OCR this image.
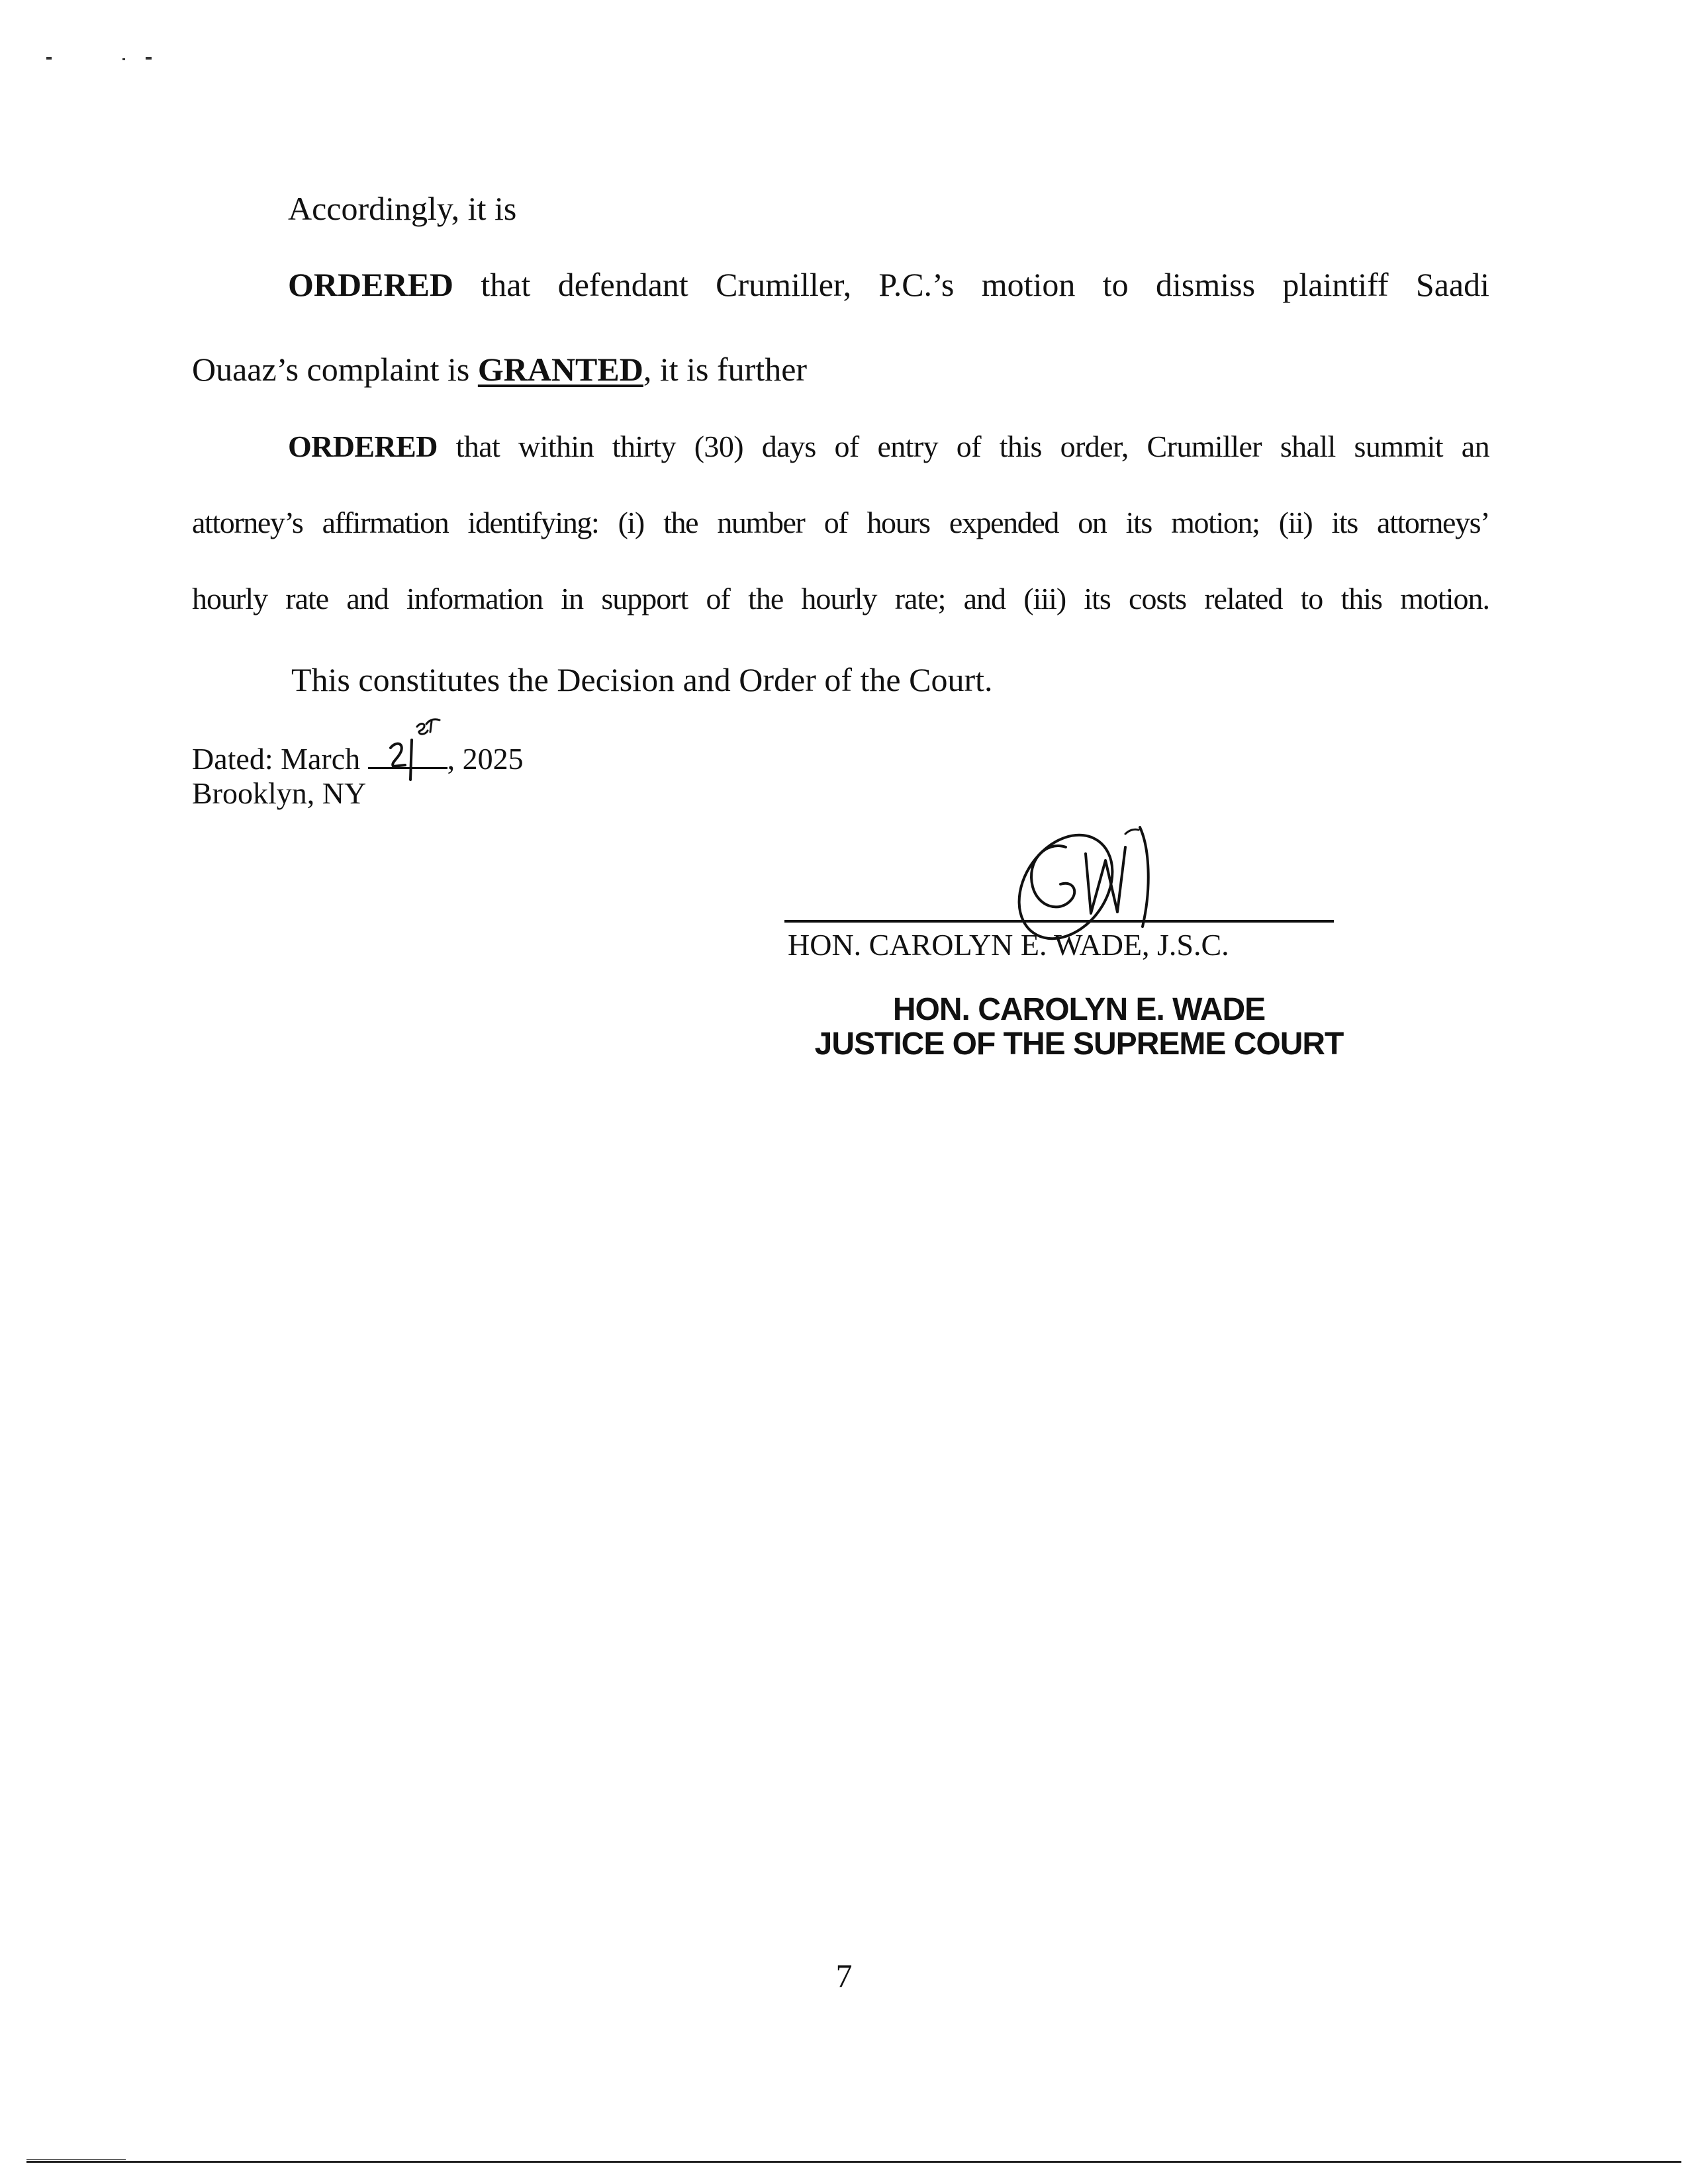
Accordingly, it is
ORDERED that defendant Crumiller, P.C.’s motion to dismiss plaintiff Saadi
Ouaaz’s complaint is GRANTED, it is further
ORDERED that within thirty (30) days of entry of this order, Crumiller shall summit an
attorney’s affirmation identifying: (i) the number of hours expended on its motion; (ii) its attorneys’
hourly rate and information in support of the hourly rate; and (iii) its costs related to this motion.
This constitutes the Decision and Order of the Court.
Dated: March	, 2025
Brooklyn, NY
HON. CAROLYN E. WADE, J.S.C.
HON. CAROLYN E. WADE
JUSTICE OF THE SUPREME COURT
7
